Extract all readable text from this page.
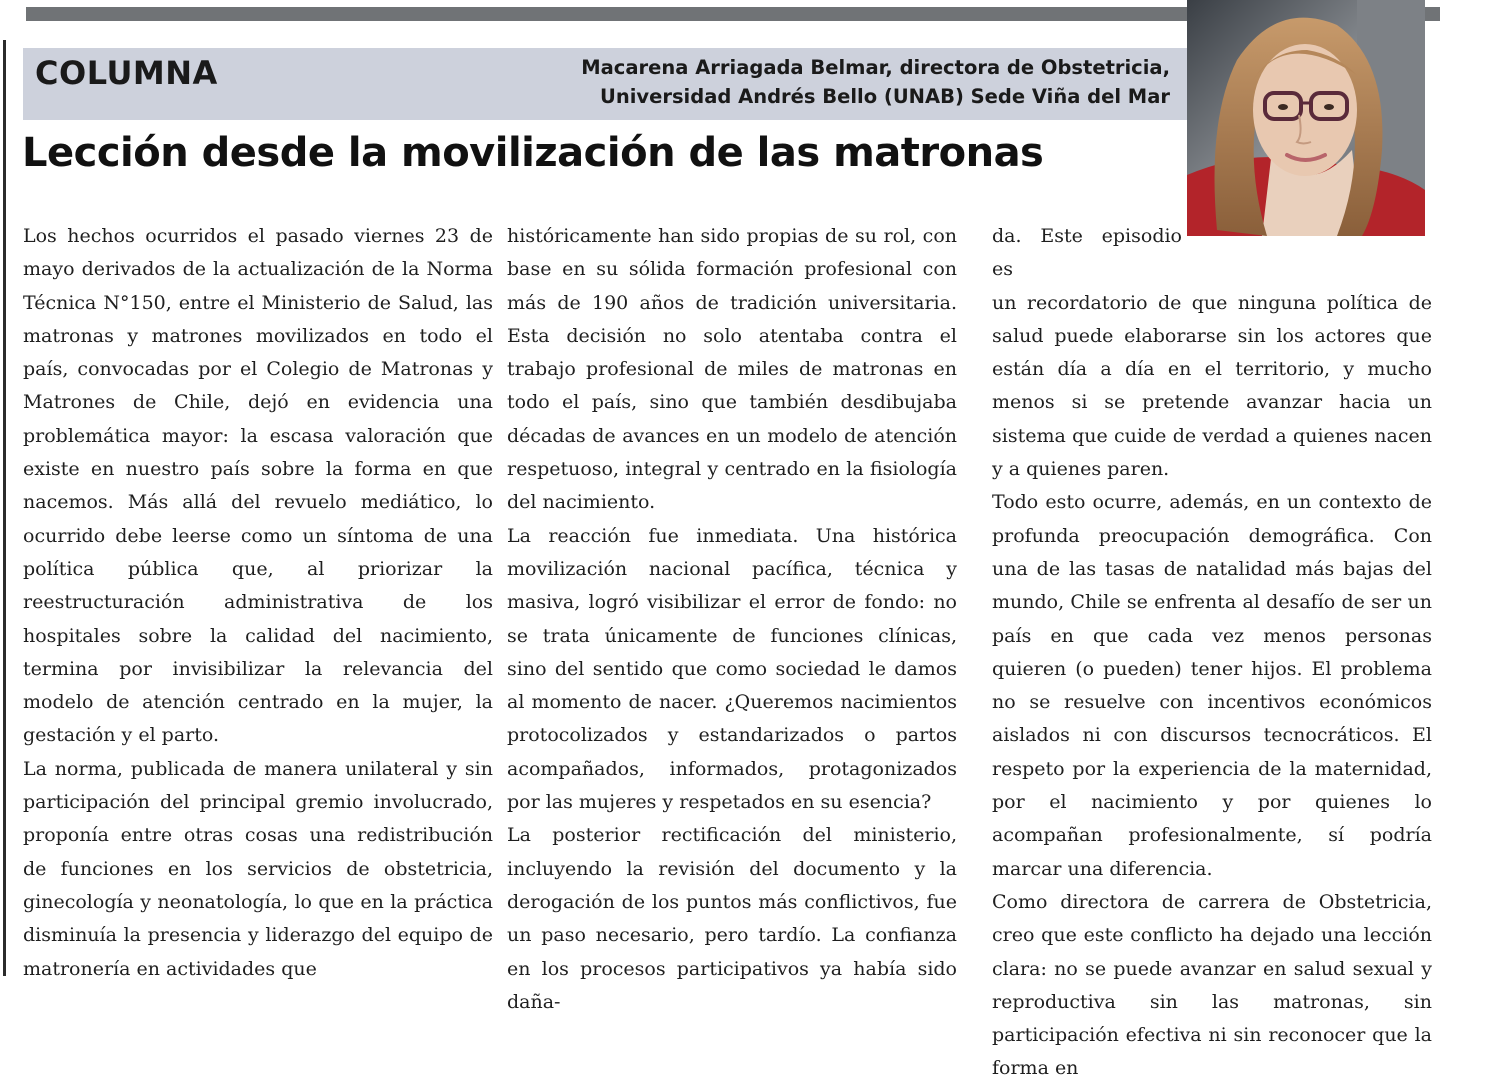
COLUMNA	Macarena Arriagada Belmar, directora de Obstetricia,
Universidad Andrés Bello (UNAB) Sede Viña del Mar
Lección desde la movilización de las matronas

Los hechos ocurridos el pasado viernes 23 de mayo derivados de la actualización de la Norma Técnica N°150, entre el Ministerio de Salud, las matronas y matrones movilizados en todo el país, convocadas por el Colegio de Matronas y Matrones de Chile, dejó en evidencia una problemática mayor: la escasa valoración que existe en nuestro país sobre la forma en que nacemos. Más allá del revuelo mediático, lo ocurrido debe leerse como un síntoma de una política pública que, al priorizar la reestructuración administrativa de los hospitales sobre la calidad del nacimiento, termina por invisibilizar la relevancia del modelo de atención centrado en la mujer, la gestación y el parto.

La norma, publicada de manera unilateral y sin participación del principal gremio involucrado, proponía entre otras cosas una redistribución de funciones en los servicios de obstetricia, ginecología y neonatología, lo que en la práctica disminuía la presencia y liderazgo del equipo de matronería en actividades que

históricamente han sido propias de su rol, con base en su sólida formación profesional con más de 190 años de tradición universitaria. Esta decisión no solo atentaba contra el trabajo profesional de miles de matronas en todo el país, sino que también desdibujaba décadas de avances en un modelo de atención respetuoso, integral y centrado en la fisiología del nacimiento.

La reacción fue inmediata. Una histórica movilización nacional pacífica, técnica y masiva, logró visibilizar el error de fondo: no se trata únicamente de funciones clínicas, sino del sentido que como sociedad le damos al momento de nacer. ¿Queremos nacimientos protocolizados y estandarizados o partos acompañados, informados, protagonizados por las mujeres y respetados en su esencia?

La posterior rectificación del ministerio, incluyendo la revisión del documento y la derogación de los puntos más conflictivos, fue un paso necesario, pero tardío. La confianza en los procesos participativos ya había sido daña-

da. Este episodio es

un recordatorio de que ninguna política de salud puede elaborarse sin los actores que están día a día en el territorio, y mucho menos si se pretende avanzar hacia un sistema que cuide de verdad a quienes nacen y a quienes paren.

Todo esto ocurre, además, en un contexto de profunda preocupación demográfica. Con una de las tasas de natalidad más bajas del mundo, Chile se enfrenta al desafío de ser un país en que cada vez menos personas quieren (o pueden) tener hijos. El problema no se resuelve con incentivos económicos aislados ni con discursos tecnocráticos. El respeto por la experiencia de la maternidad, por el nacimiento y por quienes lo acompañan profesionalmente, sí podría marcar una diferencia.

Como directora de carrera de Obstetricia, creo que este conflicto ha dejado una lección clara: no se puede avanzar en salud sexual y reproductiva sin las matronas, sin participación efectiva ni sin reconocer que la forma en
